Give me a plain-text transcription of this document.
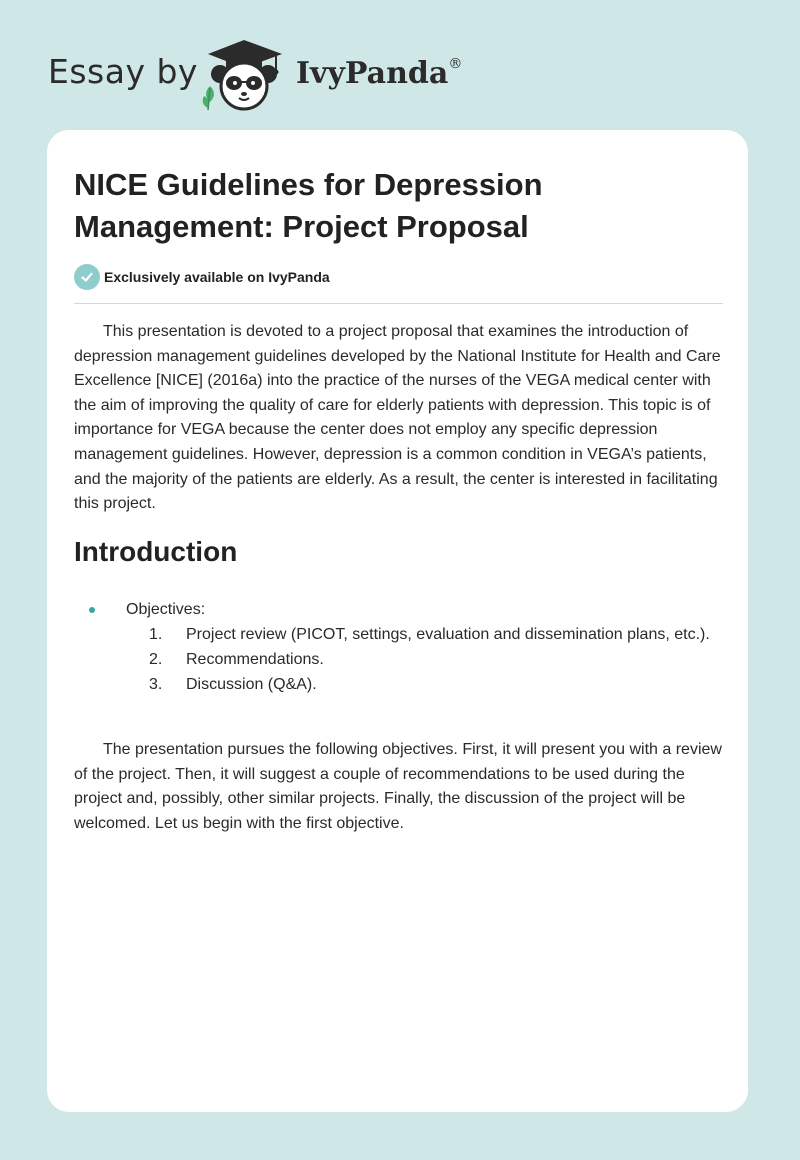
Essay by	IvyPanda®
NICE Guidelines for Depression Management: Project Proposal
Exclusively available on IvyPanda

This presentation is devoted to a project proposal that examines the introduction of depression management guidelines developed by the National Institute for Health and Care Excellence [NICE] (2016a) into the practice of the nurses of the VEGA medical center with the aim of improving the quality of care for elderly patients with depression. This topic is of importance for VEGA because the center does not employ any specific depression management guidelines. However, depression is a common condition in VEGA’s patients, and the majority of the patients are elderly. As a result, the center is interested in facilitating this project.

Introduction
Objectives:
1. Project review (PICOT, settings, evaluation and dissemination plans, etc.).
2. Recommendations.
3. Discussion (Q&A).

The presentation pursues the following objectives. First, it will present you with a review of the project. Then, it will suggest a couple of recommendations to be used during the project and, possibly, other similar projects. Finally, the discussion of the project will be welcomed. Let us begin with the first objective.
